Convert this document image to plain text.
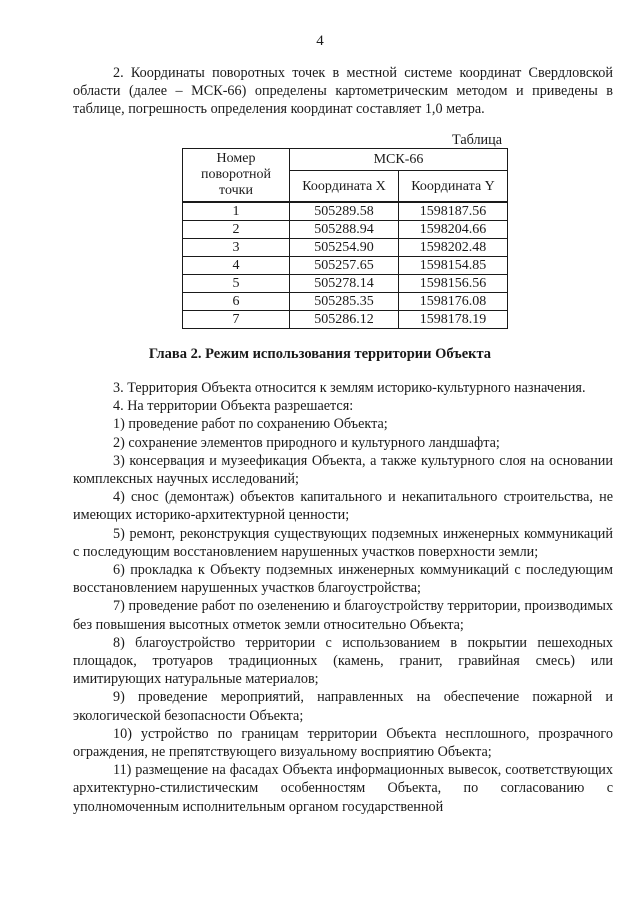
4

2. Координаты поворотных точек в местной системе координат Свердловской области (далее – МСК-66) определены картометрическим методом и приведены в таблице, погрешность определения координат составляет 1,0 метра.

Таблица
Номер поворотной точки	МСК-66	
	Координата X	Координата Y
1	505289.58	1598187.56
2	505288.94	1598204.66
3	505254.90	1598202.48
4	505257.65	1598154.85
5	505278.14	1598156.56
6	505285.35	1598176.08
7	505286.12	1598178.19
Глава 2. Режим использования территории Объекта

3. Территория Объекта относится к землям историко-культурного назначения.

4. На территории Объекта разрешается:

1) проведение работ по сохранению Объекта;

2) сохранение элементов природного и культурного ландшафта;

3) консервация и музеефикация Объекта, а также культурного слоя на основании комплексных научных исследований;

4) снос (демонтаж) объектов капитального и некапитального строительства, не имеющих историко-архитектурной ценности;

5) ремонт, реконструкция существующих подземных инженерных коммуникаций с последующим восстановлением нарушенных участков поверхности земли;

6) прокладка к Объекту подземных инженерных коммуникаций с последующим восстановлением нарушенных участков благоустройства;

7) проведение работ по озеленению и благоустройству территории, производимых без повышения высотных отметок земли относительно Объекта;

8) благоустройство территории с использованием в покрытии пешеходных площадок, тротуаров традиционных (камень, гранит, гравийная смесь) или имитирующих натуральные материалов;

9) проведение мероприятий, направленных на обеспечение пожарной и экологической безопасности Объекта;

10) устройство по границам территории Объекта несплошного, прозрачного ограждения, не препятствующего визуальному восприятию Объекта;

11) размещение на фасадах Объекта информационных вывесок, соответствующих архитектурно-стилистическим особенностям Объекта, по согласованию с уполномоченным исполнительным органом государственной
